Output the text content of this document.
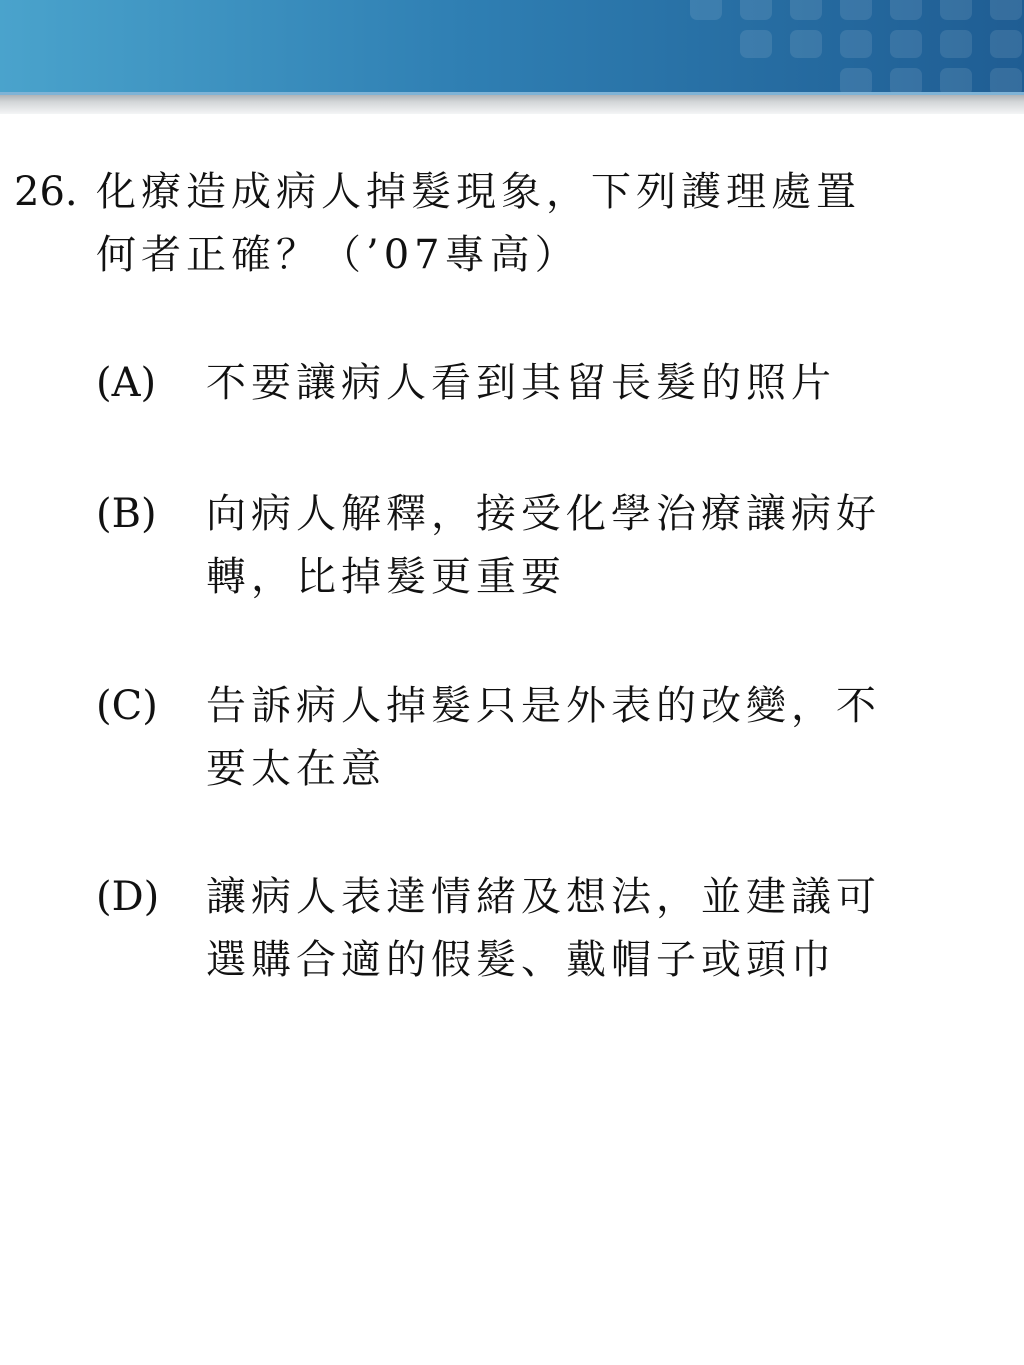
26. 化療造成病人掉髮現象，下列護理處置
何者正確？（’07專高）
(A) 不要讓病人看到其留長髮的照片
(B) 向病人解釋，接受化學治療讓病好
轉，比掉髮更重要
(C) 告訴病人掉髮只是外表的改變，不
要太在意
(D) 讓病人表達情緒及想法，並建議可
選購合適的假髮、戴帽子或頭巾
